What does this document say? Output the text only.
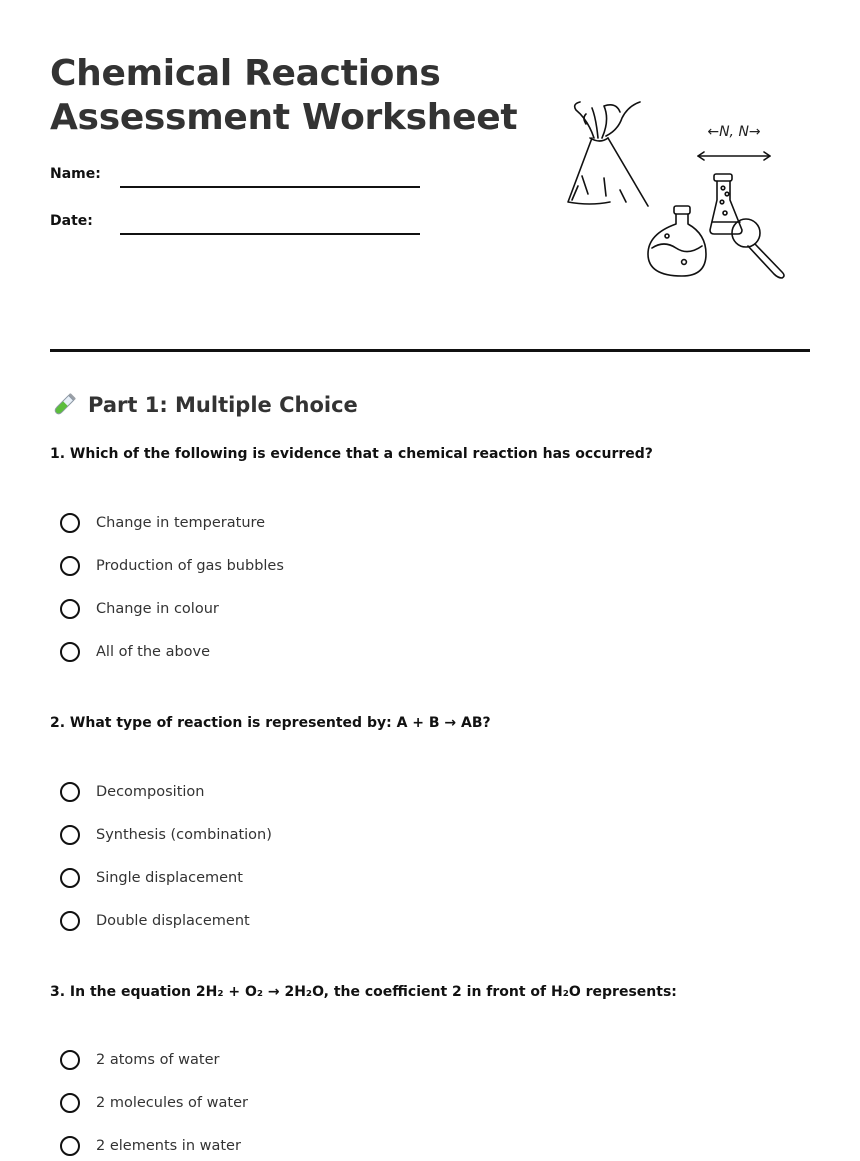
Chemical Reactions
Assessment Worksheet
Name:
Date:
←N, N→
Part 1: Multiple Choice
1. Which of the following is evidence that a chemical reaction has occurred?
Change in temperature
Production of gas bubbles
Change in colour
All of the above
2. What type of reaction is represented by: A + B → AB?
Decomposition
Synthesis (combination)
Single displacement
Double displacement
3. In the equation 2H₂ + O₂ → 2H₂O, the coefficient 2 in front of H₂O represents:
2 atoms of water
2 molecules of water
2 elements in water
